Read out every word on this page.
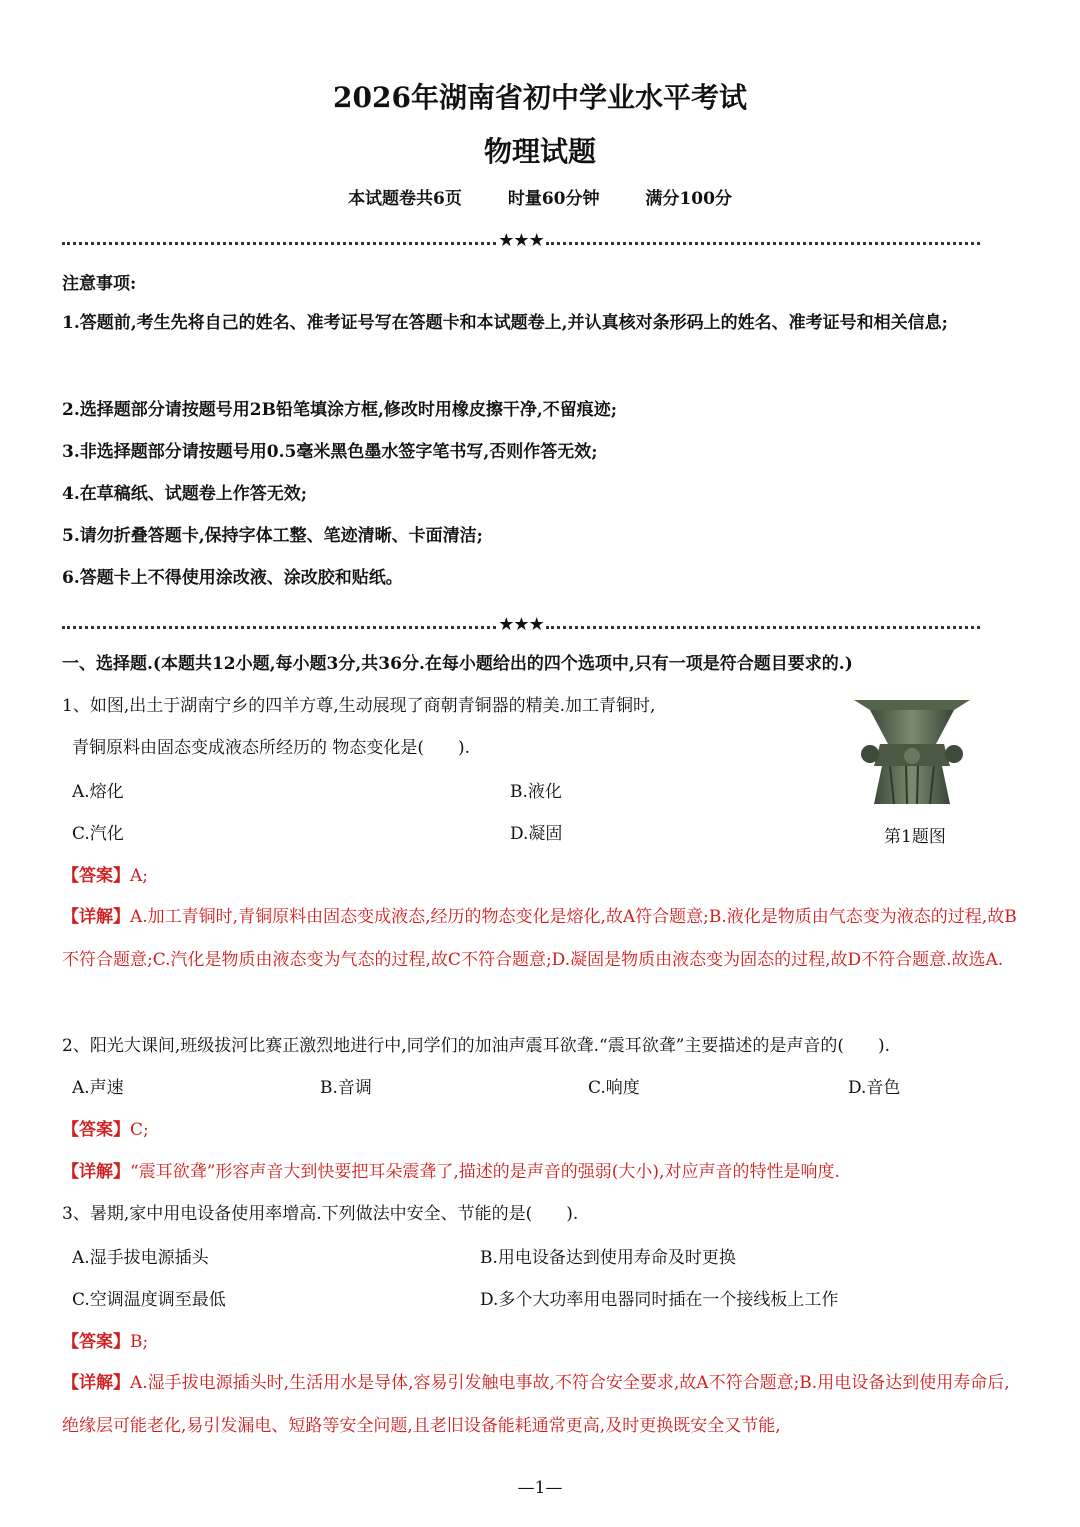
2026年湖南省初中学业水平考试
物理试题
本试题卷共6页	时量60分钟	满分100分
★★★
注意事项:
1.答题前,考生先将自己的姓名、准考证号写在答题卡和本试题卷上,并认真核对条形码上的姓名、准考证号和相关信息;
2.选择题部分请按题号用2B铅笔填涂方框,修改时用橡皮擦干净,不留痕迹;
3.非选择题部分请按题号用0.5毫米黑色墨水签字笔书写,否则作答无效;
4.在草稿纸、试题卷上作答无效;
5.请勿折叠答题卡,保持字体工整、笔迹清晰、卡面清洁;
6.答题卡上不得使用涂改液、涂改胶和贴纸。
★★★
一、选择题.(本题共12小题,每小题3分,共36分.在每小题给出的四个选项中,只有一项是符合题目要求的.)
1、如图,出土于湖南宁乡的四羊方尊,生动展现了商朝青铜器的精美.加工青铜时,
青铜原料由固态变成液态所经历的 物态变化是(　　).
A.熔化	B.液化
C.汽化	D.凝固	第1题图
【答案】A;
【详解】A.加工青铜时,青铜原料由固态变成液态,经历的物态变化是熔化,故A符合题意;B.液化是物质由气态变为液态的过程,故B不符合题意;C.汽化是物质由液态变为气态的过程,故C不符合题意;D.凝固是物质由液态变为固态的过程,故D不符合题意.故选A.
2、阳光大课间,班级拔河比赛正激烈地进行中,同学们的加油声震耳欲聋.“震耳欲聋”主要描述的是声音的(　　).
A.声速	B.音调	C.响度	D.音色
【答案】C;
【详解】“震耳欲聋”形容声音大到快要把耳朵震聋了,描述的是声音的强弱(大小),对应声音的特性是响度.
3、暑期,家中用电设备使用率增高.下列做法中安全、节能的是(　　).
A.湿手拔电源插头	B.用电设备达到使用寿命及时更换
C.空调温度调至最低	D.多个大功率用电器同时插在一个接线板上工作
【答案】B;
【详解】A.湿手拔电源插头时,生活用水是导体,容易引发触电事故,不符合安全要求,故A不符合题意;B.用电设备达到使用寿命后,绝缘层可能老化,易引发漏电、短路等安全问题,且老旧设备能耗通常更高,及时更换既安全又节能,
—1—
